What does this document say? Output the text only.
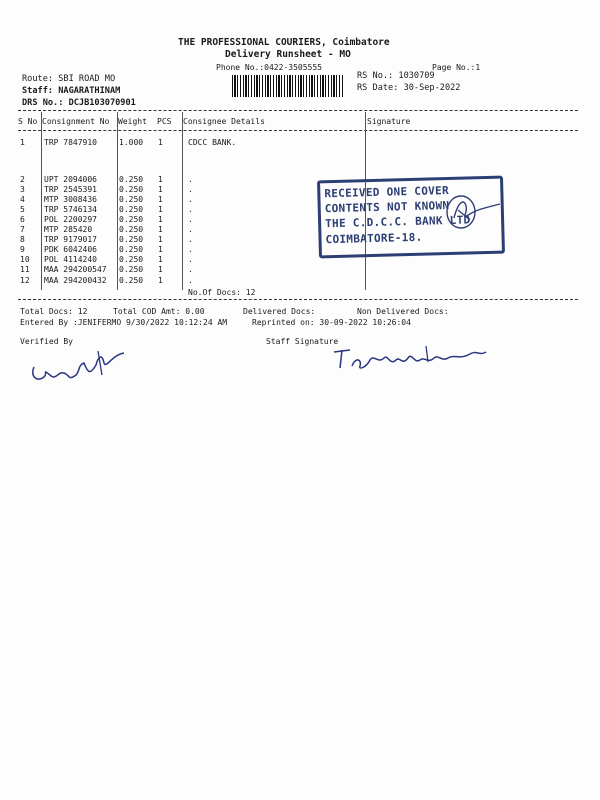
THE PROFESSIONAL COURIERS, Coimbatore
Delivery Runsheet - MO
Phone No.:0422-3505555	Page No.:1
Route: SBI ROAD MO
Staff: NAGARATHINAM
DRS No.: DCJB103070901
RS No.: 1030709
RS Date: 30-Sep-2022
S No Consignment No Weight PCS Consignee Details	Signature
1 TRP 7847910	1.000 1	CDCC BANK.
2 UPT 2094006	0.250 1	.
3 TRP 2545391	0.250 1	.
4 MTP 3008436	0.250 1	.
5 TRP 5746134	0.250 1	.
6 POL 2200297	0.250 1	.
7 MTP 285420	0.250 1	.
8 TRP 9179017	0.250 1	.
9 PDK 6042406	0.250 1	.
10 POL 4114240	0.250 1	.
11 MAA 294200547 0.250 1	.
12 MAA 294200432 0.250 1	.
No.Of Docs: 12
RECEIVED ONE COVER
CONTENTS NOT KNOWN
THE C.D.C.C. BANK LTD
COIMBATORE-18.
Total Docs: 12	Total COD Amt: 0.00	Delivered Docs:	Non Delivered Docs:
Entered By :JENIFERMO 9/30/2022 10:12:24 AM	Reprinted on: 30-09-2022 10:26:04
Verified By	Staff Signature
